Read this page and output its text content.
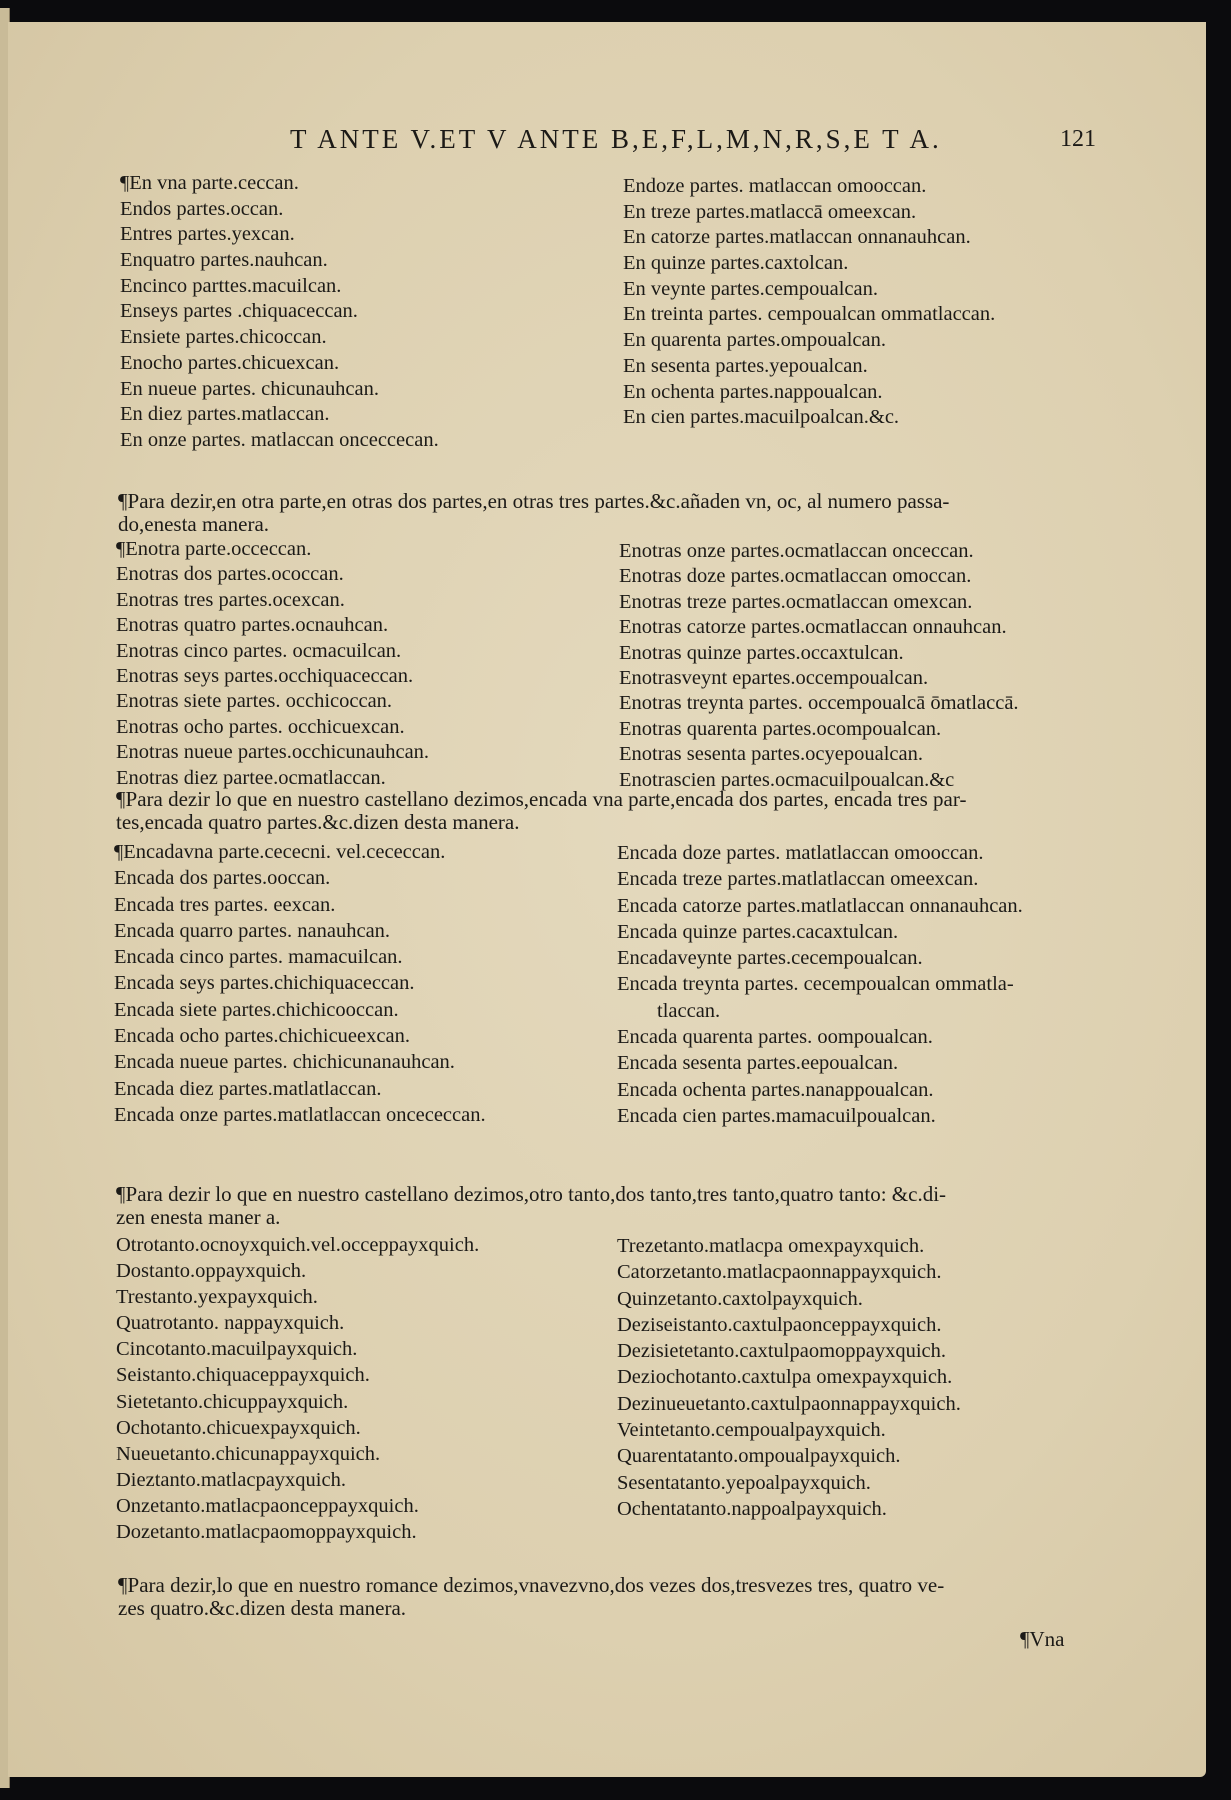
T ANTE V.ET V ANTE B,E,F,L,M,N,R,S,E T A.	121
¶En vna parte.ceccan.
Endos partes.occan.
Entres partes.yexcan.
Enquatro partes.nauhcan.
Encinco parttes.macuilcan.
Enseys partes .chiquaceccan.
Ensiete partes.chicoccan.
Enocho partes.chicuexcan.
En nueue partes. chicunauhcan.
En diez partes.matlaccan.
En onze partes. matlaccan onceccecan.
Endoze partes. matlaccan omooccan.
En treze partes.matlaccā omeexcan.
En catorze partes.matlaccan onnanauhcan.
En quinze partes.caxtolcan.
En veynte partes.cempoualcan.
En treinta partes. cempoualcan ommatlaccan.
En quarenta partes.ompoualcan.
En sesenta partes.yepoualcan.
En ochenta partes.nappoualcan.
En cien partes.macuilpoalcan.&c.
¶Para dezir,en otra parte,en otras dos partes,en otras tres partes.&c.añaden vn, oc, al numero passa-
do,enesta manera.
¶Enotra parte.occeccan.
Enotras dos partes.ococcan.
Enotras tres partes.ocexcan.
Enotras quatro partes.ocnauhcan.
Enotras cinco partes. ocmacuilcan.
Enotras seys partes.occhiquaceccan.
Enotras siete partes. occhicoccan.
Enotras ocho partes. occhicuexcan.
Enotras nueue partes.occhicunauhcan.
Enotras diez partee.ocmatlaccan.
Enotras onze partes.ocmatlaccan onceccan.
Enotras doze partes.ocmatlaccan omoccan.
Enotras treze partes.ocmatlaccan omexcan.
Enotras catorze partes.ocmatlaccan onnauhcan.
Enotras quinze partes.occaxtulcan.
Enotrasveynt epartes.occempoualcan.
Enotras treynta partes. occempoualcā ōmatlaccā.
Enotras quarenta partes.ocompoualcan.
Enotras sesenta partes.ocyepoualcan.
Enotrascien partes.ocmacuilpoualcan.&c
¶Para dezir lo que en nuestro castellano dezimos,encada vna parte,encada dos partes, encada tres par-
tes,encada quatro partes.&c.dizen desta manera.
¶Encadavna parte.cececni. vel.cececcan.
Encada dos partes.ooccan.
Encada tres partes. eexcan.
Encada quarro partes. nanauhcan.
Encada cinco partes. mamacuilcan.
Encada seys partes.chichiquaceccan.
Encada siete partes.chichicooccan.
Encada ocho partes.chichicueexcan.
Encada nueue partes. chichicunanauhcan.
Encada diez partes.matlatlaccan.
Encada onze partes.matlatlaccan oncececcan.
Encada doze partes. matlatlaccan omooccan.
Encada treze partes.matlatlaccan omeexcan.
Encada catorze partes.matlatlaccan onnanauhcan.
Encada quinze partes.cacaxtulcan.
Encadaveynte partes.cecempoualcan.
Encada treynta partes. cecempoualcan ommatla-
tlaccan.
Encada quarenta partes. oompoualcan.
Encada sesenta partes.eepoualcan.
Encada ochenta partes.nanappoualcan.
Encada cien partes.mamacuilpoualcan.
¶Para dezir lo que en nuestro castellano dezimos,otro tanto,dos tanto,tres tanto,quatro tanto: &c.di-
zen enesta maner a.
Otrotanto.ocnoyxquich.vel.occeppayxquich.
Dostanto.oppayxquich.
Trestanto.yexpayxquich.
Quatrotanto. nappayxquich.
Cincotanto.macuilpayxquich.
Seistanto.chiquaceppayxquich.
Sietetanto.chicuppayxquich.
Ochotanto.chicuexpayxquich.
Nueuetanto.chicunappayxquich.
Dieztanto.matlacpayxquich.
Onzetanto.matlacpaonceppayxquich.
Dozetanto.matlacpaomoppayxquich.
Trezetanto.matlacpa omexpayxquich.
Catorzetanto.matlacpaonnappayxquich.
Quinzetanto.caxtolpayxquich.
Deziseistanto.caxtulpaonceppayxquich.
Dezisietetanto.caxtulpaomoppayxquich.
Deziochotanto.caxtulpa omexpayxquich.
Dezinueuetanto.caxtulpaonnappayxquich.
Veintetanto.cempoualpayxquich.
Quarentatanto.ompoualpayxquich.
Sesentatanto.yepoalpayxquich.
Ochentatanto.nappoalpayxquich.
¶Para dezir,lo que en nuestro romance dezimos,vnavezvno,dos vezes dos,tresvezes tres, quatro ve-
zes quatro.&c.dizen desta manera.
¶Vna
